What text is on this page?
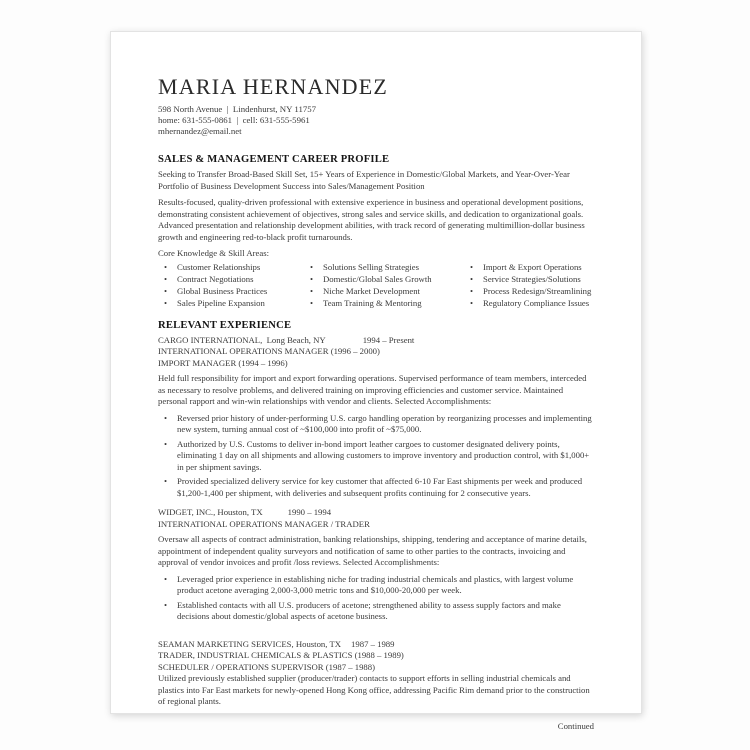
MARIA HERNANDEZ
598 North Avenue  |  Lindenhurst, NY 11757
home: 631-555-0861  |  cell: 631-555-5961
mhernandez@email.net
SALES & MANAGEMENT CAREER PROFILE

Seeking to Transfer Broad-Based Skill Set, 15+ Years of Experience in Domestic/Global Markets, and Year-Over-Year Portfolio of Business Development Success into Sales/Management Position

Results-focused, quality-driven professional with extensive experience in business and operational development positions, demonstrating consistent achievement of objectives, strong sales and service skills, and dedication to organizational goals. Advanced presentation and relationship development abilities, with track record of generating multimillion-dollar business growth and engineering red-to-black profit turnarounds.

Core Knowledge & Skill Areas:
•	Customer Relationships
•	Contract Negotiations
•	Global Business Practices
•	Sales Pipeline Expansion
•	Solutions Selling Strategies
•	Domestic/Global Sales Growth
•	Niche Market Development
•	Team Training & Mentoring
•	Import & Export Operations
•	Service Strategies/Solutions
•	Process Redesign/Streamlining
•	Regulatory Compliance Issues
RELEVANT EXPERIENCE
CARGO INTERNATIONAL,  Long Beach, NY	1994 – Present
INTERNATIONAL OPERATIONS MANAGER (1996 – 2000)
IMPORT MANAGER (1994 – 1996)

Held full responsibility for import and export forwarding operations. Supervised performance of team members, interceded as necessary to resolve problems, and delivered training on improving efficiencies and customer service. Maintained personal rapport and win-win relationships with vendor and clients. Selected Accomplishments:

•	Reversed prior history of under-performing U.S. cargo handling operation by reorganizing processes and implementing new system, turning annual cost of ~$100,000 into profit of ~$75,000.
•	Authorized by U.S. Customs to deliver in-bond import leather cargoes to customer designated delivery points, eliminating 1 day on all shipments and allowing customers to improve inventory and production control, with $1,000+ in per shipment savings.
•	Provided specialized delivery service for key customer that affected 6-10 Far East shipments per week and produced $1,200-1,400 per shipment, with deliveries and subsequent profits continuing for 2 consecutive years.
WIDGET, INC., Houston, TX	1990 – 1994
INTERNATIONAL OPERATIONS MANAGER / TRADER

Oversaw all aspects of contract administration, banking relationships, shipping, tendering and acceptance of marine details, appointment of independent quality surveyors and notification of same to other parties to the contracts, invoicing and approval of vendor invoices and profit /loss reviews. Selected Accomplishments:

•	Leveraged prior experience in establishing niche for trading industrial chemicals and plastics, with largest volume product acetone averaging 2,000-3,000 metric tons and $10,000-20,000 per week.
•	Established contacts with all U.S. producers of acetone; strengthened ability to assess supply factors and make decisions about domestic/global aspects of acetone business.
SEAMAN MARKETING SERVICES, Houston, TX 1987 – 1989
TRADER, INDUSTRIAL CHEMICALS & PLASTICS (1988 – 1989)
SCHEDULER / OPERATIONS SUPERVISOR (1987 – 1988)

Utilized previously established supplier (producer/trader) contacts to support efforts in selling industrial chemicals and plastics into Far East markets for newly-opened Hong Kong office, addressing Pacific Rim demand prior to the construction of regional plants.

Continued
